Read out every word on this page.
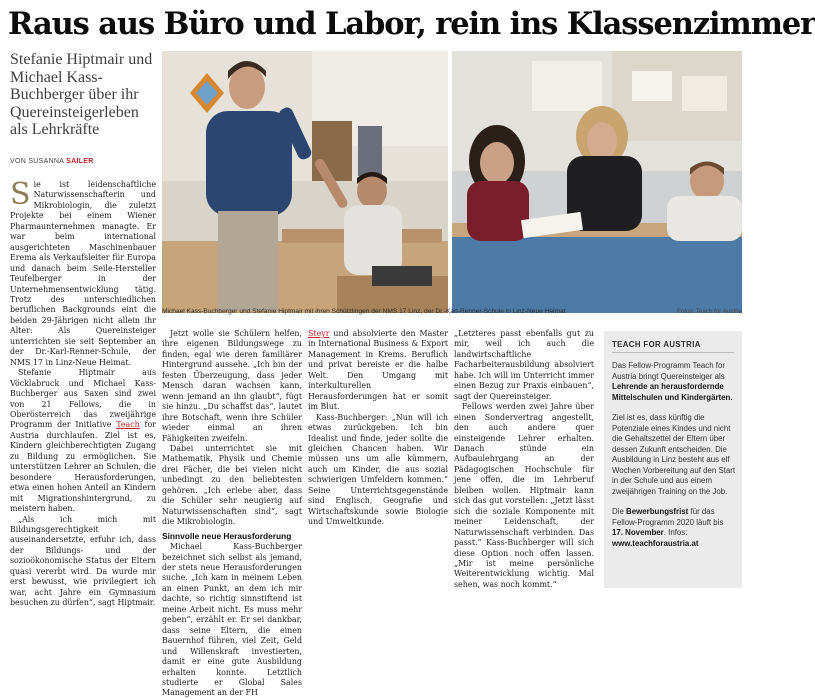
Raus aus Büro und Labor, rein ins Klassenzimmer
Stefanie Hiptmair und Michael Kass-Buchberger über ihr Quereinsteigerleben als Lehrkräfte
VON SUSANNA SAILER
Michael Kass-Buchberger und Stefanie Hiptmair mit ihren Schützlingen der NMS 17 Linz, der Dr.-Karl-Renner-Schule in Linz-Neue Heimat	Fotos: Teach for Austria

S ie ist leidenschaftliche Naturwissenschafterin und Mikrobiologin, die zuletzt Projekte bei einem Wiener Pharmaunternehmen managte. Er war beim international ausgerichteten Maschinenbauer Erema als Verkaufsleiter für Europa und danach beim Seile-Hersteller Teufelberger in der Unternehmensentwicklung tätig. Trotz des unterschiedlichen beruflichen Backgrounds eint die beiden 29-Jährigen nicht allein ihr Alter: Als Quereinsteiger unterrichten sie seit September an der Dr.-Karl-Renner-Schule, der NMS 17 in Linz-Neue Heimat.

Stefanie Hiptmair aus Vöcklabruck und Michael Kass-Buchberger aus Saxen sind zwei von 21 Fellows, die in Oberösterreich das zweijährige Programm der Initiative Teach for Austria durchlaufen. Ziel ist es, Kindern gleichberechtigten Zugang zu Bildung zu ermöglichen. Sie unterstützen Lehrer an Schulen, die besondere Herausforderungen, etwa einen hohen Anteil an Kindern mit Migrationshintergrund, zu meistern haben.

„Als ich mich mit Bildungsgerechtigkeit auseinandersetzte, erfuhr ich, dass der Bildungs- und der sozioökonomische Status der Eltern quasi vererbt wird. Da wurde mir erst bewusst, wie privilegiert ich war, acht Jahre ein Gymnasium besuchen zu dürfen“, sagt Hiptmair.

Jetzt wolle sie Schülern helfen, ihre eigenen Bildungswege zu finden, egal wie deren familiärer Hintergrund aussehe. „Ich bin der festen Überzeugung, dass jeder Mensch daran wachsen kann, wenn jemand an ihn glaubt“, fügt sie hinzu. „Du schaffst das“, lautet ihre Botschaft, wenn ihre Schüler wieder einmal an ihren Fähigkeiten zweifeln.

Dabei unterrichtet sie mit Mathematik, Physik und Chemie drei Fächer, die bei vielen nicht unbedingt zu den beliebtesten gehören. „Ich erlebe aber, dass die Schüler sehr neugierig auf Naturwissenschaften sind“, sagt die Mikrobiologin.

Sinnvolle neue Herausforderung

Michael Kass-Buchberger bezeichnet sich selbst als jemand, der stets neue Herausforderungen suche. „Ich kam in meinem Leben an einen Punkt, an dem ich mir dachte, so richtig sinnstiftend ist meine Arbeit nicht. Es muss mehr geben“, erzählt er. Er sei dankbar, dass seine Eltern, die einen Bauernhof führen, viel Zeit, Geld und Willenskraft investierten, damit er eine gute Ausbildung erhalten konnte. Letztlich studierte er Global Sales Management an der FH

Steyr und absolvierte den Master in International Business & Export Management in Krems. Beruflich und privat bereiste er die halbe Welt. Den Umgang mit interkulturellen Herausforderungen hat er somit im Blut.

Kass-Buchberger: „Nun will ich etwas zurückgeben. Ich bin Idealist und finde, jeder sollte die gleichen Chancen haben. Wir müssen uns um alle kümmern, auch um Kinder, die aus sozial schwierigen Umfeldern kommen.“ Seine Unterrichtsgegenstände sind Englisch, Geografie und Wirtschaftskunde sowie Biologie und Umweltkunde.

„Letzteres passt ebenfalls gut zu mir, weil ich auch die landwirtschaftliche Facharbeiterausbildung absolviert habe. Ich will im Unterricht immer einen Bezug zur Praxis einbauen“, sagt der Quereinsteiger.

Fellows werden zwei Jahre über einen Sondervertrag angestellt, den auch andere quer einsteigende Lehrer erhalten. Danach stünde ein Aufbaulehrgang an der Pädagogischen Hochschule für jene offen, die im Lehrberuf bleiben wollen. Hiptmair kann sich das gut vorstellen: „Jetzt lässt sich die soziale Komponente mit meiner Leidenschaft, der Naturwissenschaft verbinden. Das passt.“ Kass-Buchberger will sich diese Option noch offen lassen. „Mir ist meine persönliche Weiterentwicklung wichtig. Mal sehen, was noch kommt.“

TEACH FOR AUSTRIA

Das Fellow-Programm Teach for Austria bringt Quereinsteiger als Lehrende an herausfordernde Mittelschulen und Kindergärten.

Ziel ist es, dass künftig die Potenziale eines Kindes und nicht die Gehaltszettel der Eltern über dessen Zukunft entscheiden. Die Ausbildung in Linz besteht aus elf Wochen Vorbereitung auf den Start in der Schule und aus einem zweijährigen Training on the Job.

Die Bewerbungsfrist für das Fellow-Programm 2020 läuft bis 17. November. Infos: www.teachforaustria.at
